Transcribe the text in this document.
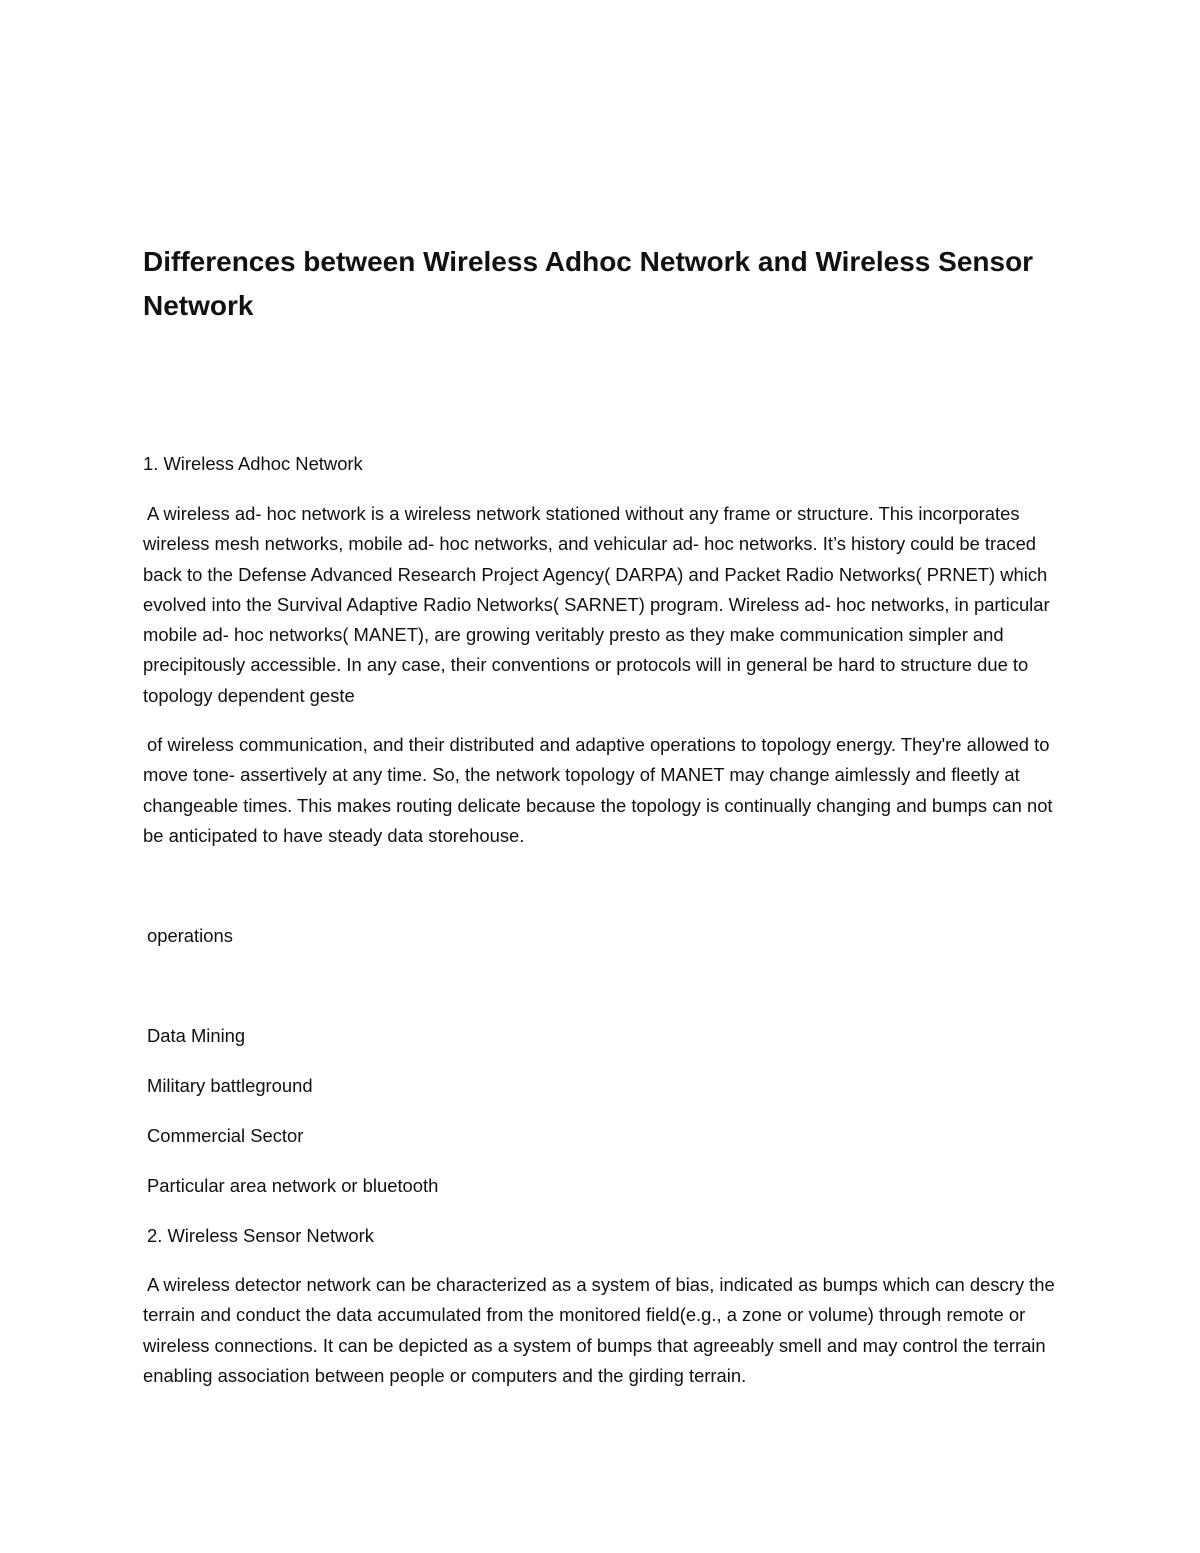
Differences between Wireless Adhoc Network and Wireless Sensor Network

1. Wireless Adhoc Network

A wireless ad- hoc network is a wireless network stationed without any frame or structure. This incorporates wireless mesh networks, mobile ad- hoc networks, and vehicular ad- hoc networks. It’s history could be traced back to the Defense Advanced Research Project Agency( DARPA) and Packet Radio Networks( PRNET) which evolved into the Survival Adaptive Radio Networks( SARNET) program. Wireless ad- hoc networks, in particular mobile ad- hoc networks( MANET), are growing veritably presto as they make communication simpler and precipitously accessible. In any case, their conventions or protocols will in general be hard to structure due to topology dependent geste

of wireless communication, and their distributed and adaptive operations to topology energy. They're allowed to move tone- assertively at any time. So, the network topology of MANET may change aimlessly and fleetly at changeable times. This makes routing delicate because the topology is continually changing and bumps can not be anticipated to have steady data storehouse.

operations

Data Mining

Military battleground

Commercial Sector

Particular area network or bluetooth

2. Wireless Sensor Network

A wireless detector network can be characterized as a system of bias, indicated as bumps which can descry the terrain and conduct the data accumulated from the monitored field(e.g., a zone or volume) through remote or wireless connections. It can be depicted as a system of bumps that agreeably smell and may control the terrain enabling association between people or computers and the girding terrain.
